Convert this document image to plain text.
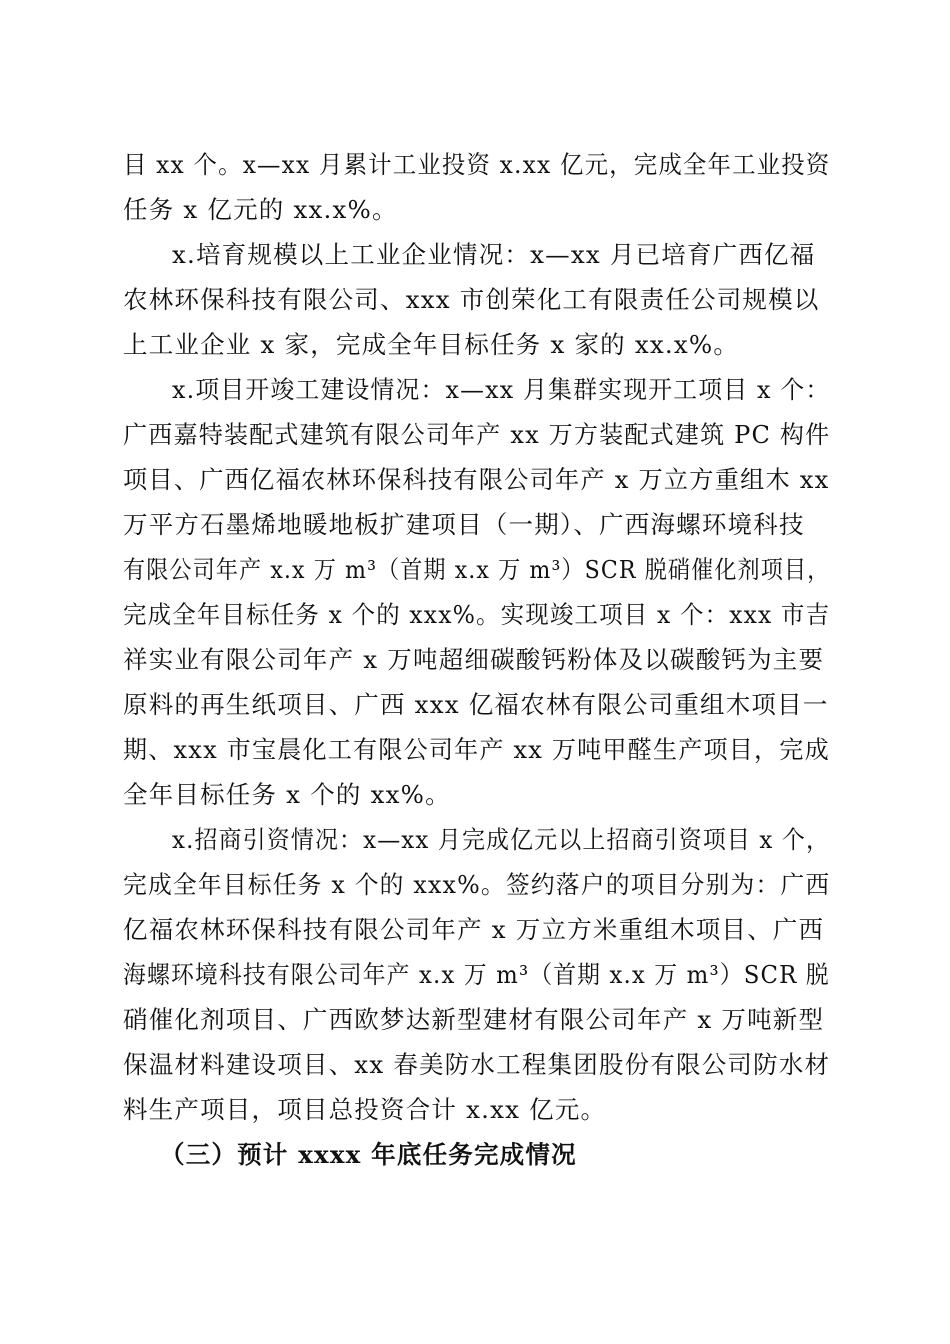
目 xx 个。x—xx 月累计工业投资 x.xx 亿元，完成全年工业投资
任务 x 亿元的 xx.x%。
x.培育规模以上工业企业情况：x—xx 月已培育广西亿福
农林环保科技有限公司、xxx 市创荣化工有限责任公司规模以
上工业企业 x 家，完成全年目标任务 x 家的 xx.x%。
x.项目开竣工建设情况：x—xx 月集群实现开工项目 x 个：
广西嘉特装配式建筑有限公司年产 xx 万方装配式建筑 PC 构件
项目、广西亿福农林环保科技有限公司年产 x 万立方重组木 xx
万平方石墨烯地暖地板扩建项目（一期）、广西海螺环境科技
有限公司年产 x.x 万 m³（首期 x.x 万 m³）SCR 脱硝催化剂项目，
完成全年目标任务 x 个的 xxx%。实现竣工项目 x 个：xxx 市吉
祥实业有限公司年产 x 万吨超细碳酸钙粉体及以碳酸钙为主要
原料的再生纸项目、广西 xxx 亿福农林有限公司重组木项目一
期、xxx 市宝晨化工有限公司年产 xx 万吨甲醛生产项目，完成
全年目标任务 x 个的 xx%。
x.招商引资情况：x—xx 月完成亿元以上招商引资项目 x 个，
完成全年目标任务 x 个的 xxx%。签约落户的项目分别为：广西
亿福农林环保科技有限公司年产 x 万立方米重组木项目、广西
海螺环境科技有限公司年产 x.x 万 m³（首期 x.x 万 m³）SCR 脱
硝催化剂项目、广西欧梦达新型建材有限公司年产 x 万吨新型
保温材料建设项目、xx 春美防水工程集团股份有限公司防水材
料生产项目，项目总投资合计 x.xx 亿元。
（三）预计 xxxx 年底任务完成情况
